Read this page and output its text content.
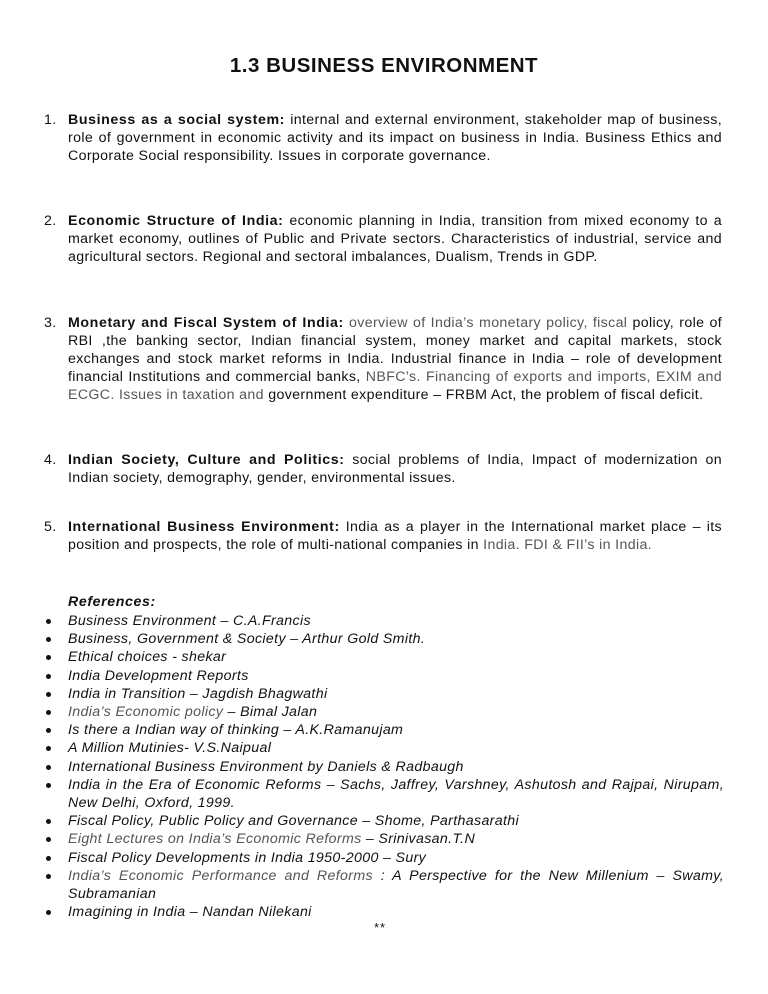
1.3 BUSINESS ENVIRONMENT
1. Business as a social system: internal and external environment, stakeholder map of business, role of government in economic activity and its impact on business in India. Business Ethics and Corporate Social responsibility. Issues in corporate governance.
2. Economic Structure of India: economic planning in India, transition from mixed economy to a market economy, outlines of Public and Private sectors. Characteristics of industrial, service and agricultural sectors. Regional and sectoral imbalances, Dualism, Trends in GDP.
3. Monetary and Fiscal System of India: overview of India’s monetary policy, fiscal policy, role of RBI ,the banking sector, Indian financial system, money market and capital markets, stock exchanges and stock market reforms in India. Industrial finance in India – role of development financial Institutions and commercial banks, NBFC’s. Financing of exports and imports, EXIM and ECGC. Issues in taxation and government expenditure – FRBM Act, the problem of fiscal deficit.
4. Indian Society, Culture and Politics: social problems of India, Impact of modernization on Indian society, demography, gender, environmental issues.
5. International Business Environment: India as a player in the International market place – its position and prospects, the role of multi-national companies in India. FDI & FII’s in India.

References:

Business Environment – C.A.Francis
Business, Government & Society – Arthur Gold Smith.
Ethical choices - shekar
India Development Reports
India in Transition – Jagdish Bhagwathi
India’s Economic policy – Bimal Jalan
Is there a Indian way of thinking – A.K.Ramanujam
A Million Mutinies- V.S.Naipual
International Business Environment by Daniels & Radbaugh
India in the Era of Economic Reforms – Sachs, Jaffrey, Varshney, Ashutosh and Rajpai, Nirupam, New Delhi, Oxford, 1999.
Fiscal Policy, Public Policy and Governance – Shome, Parthasarathi
Eight Lectures on India’s Economic Reforms – Srinivasan.T.N
Fiscal Policy Developments in India 1950-2000 – Sury
India’s Economic Performance and Reforms : A Perspective for the New Millenium – Swamy, Subramanian
Imagining in India – Nandan Nilekani
**
